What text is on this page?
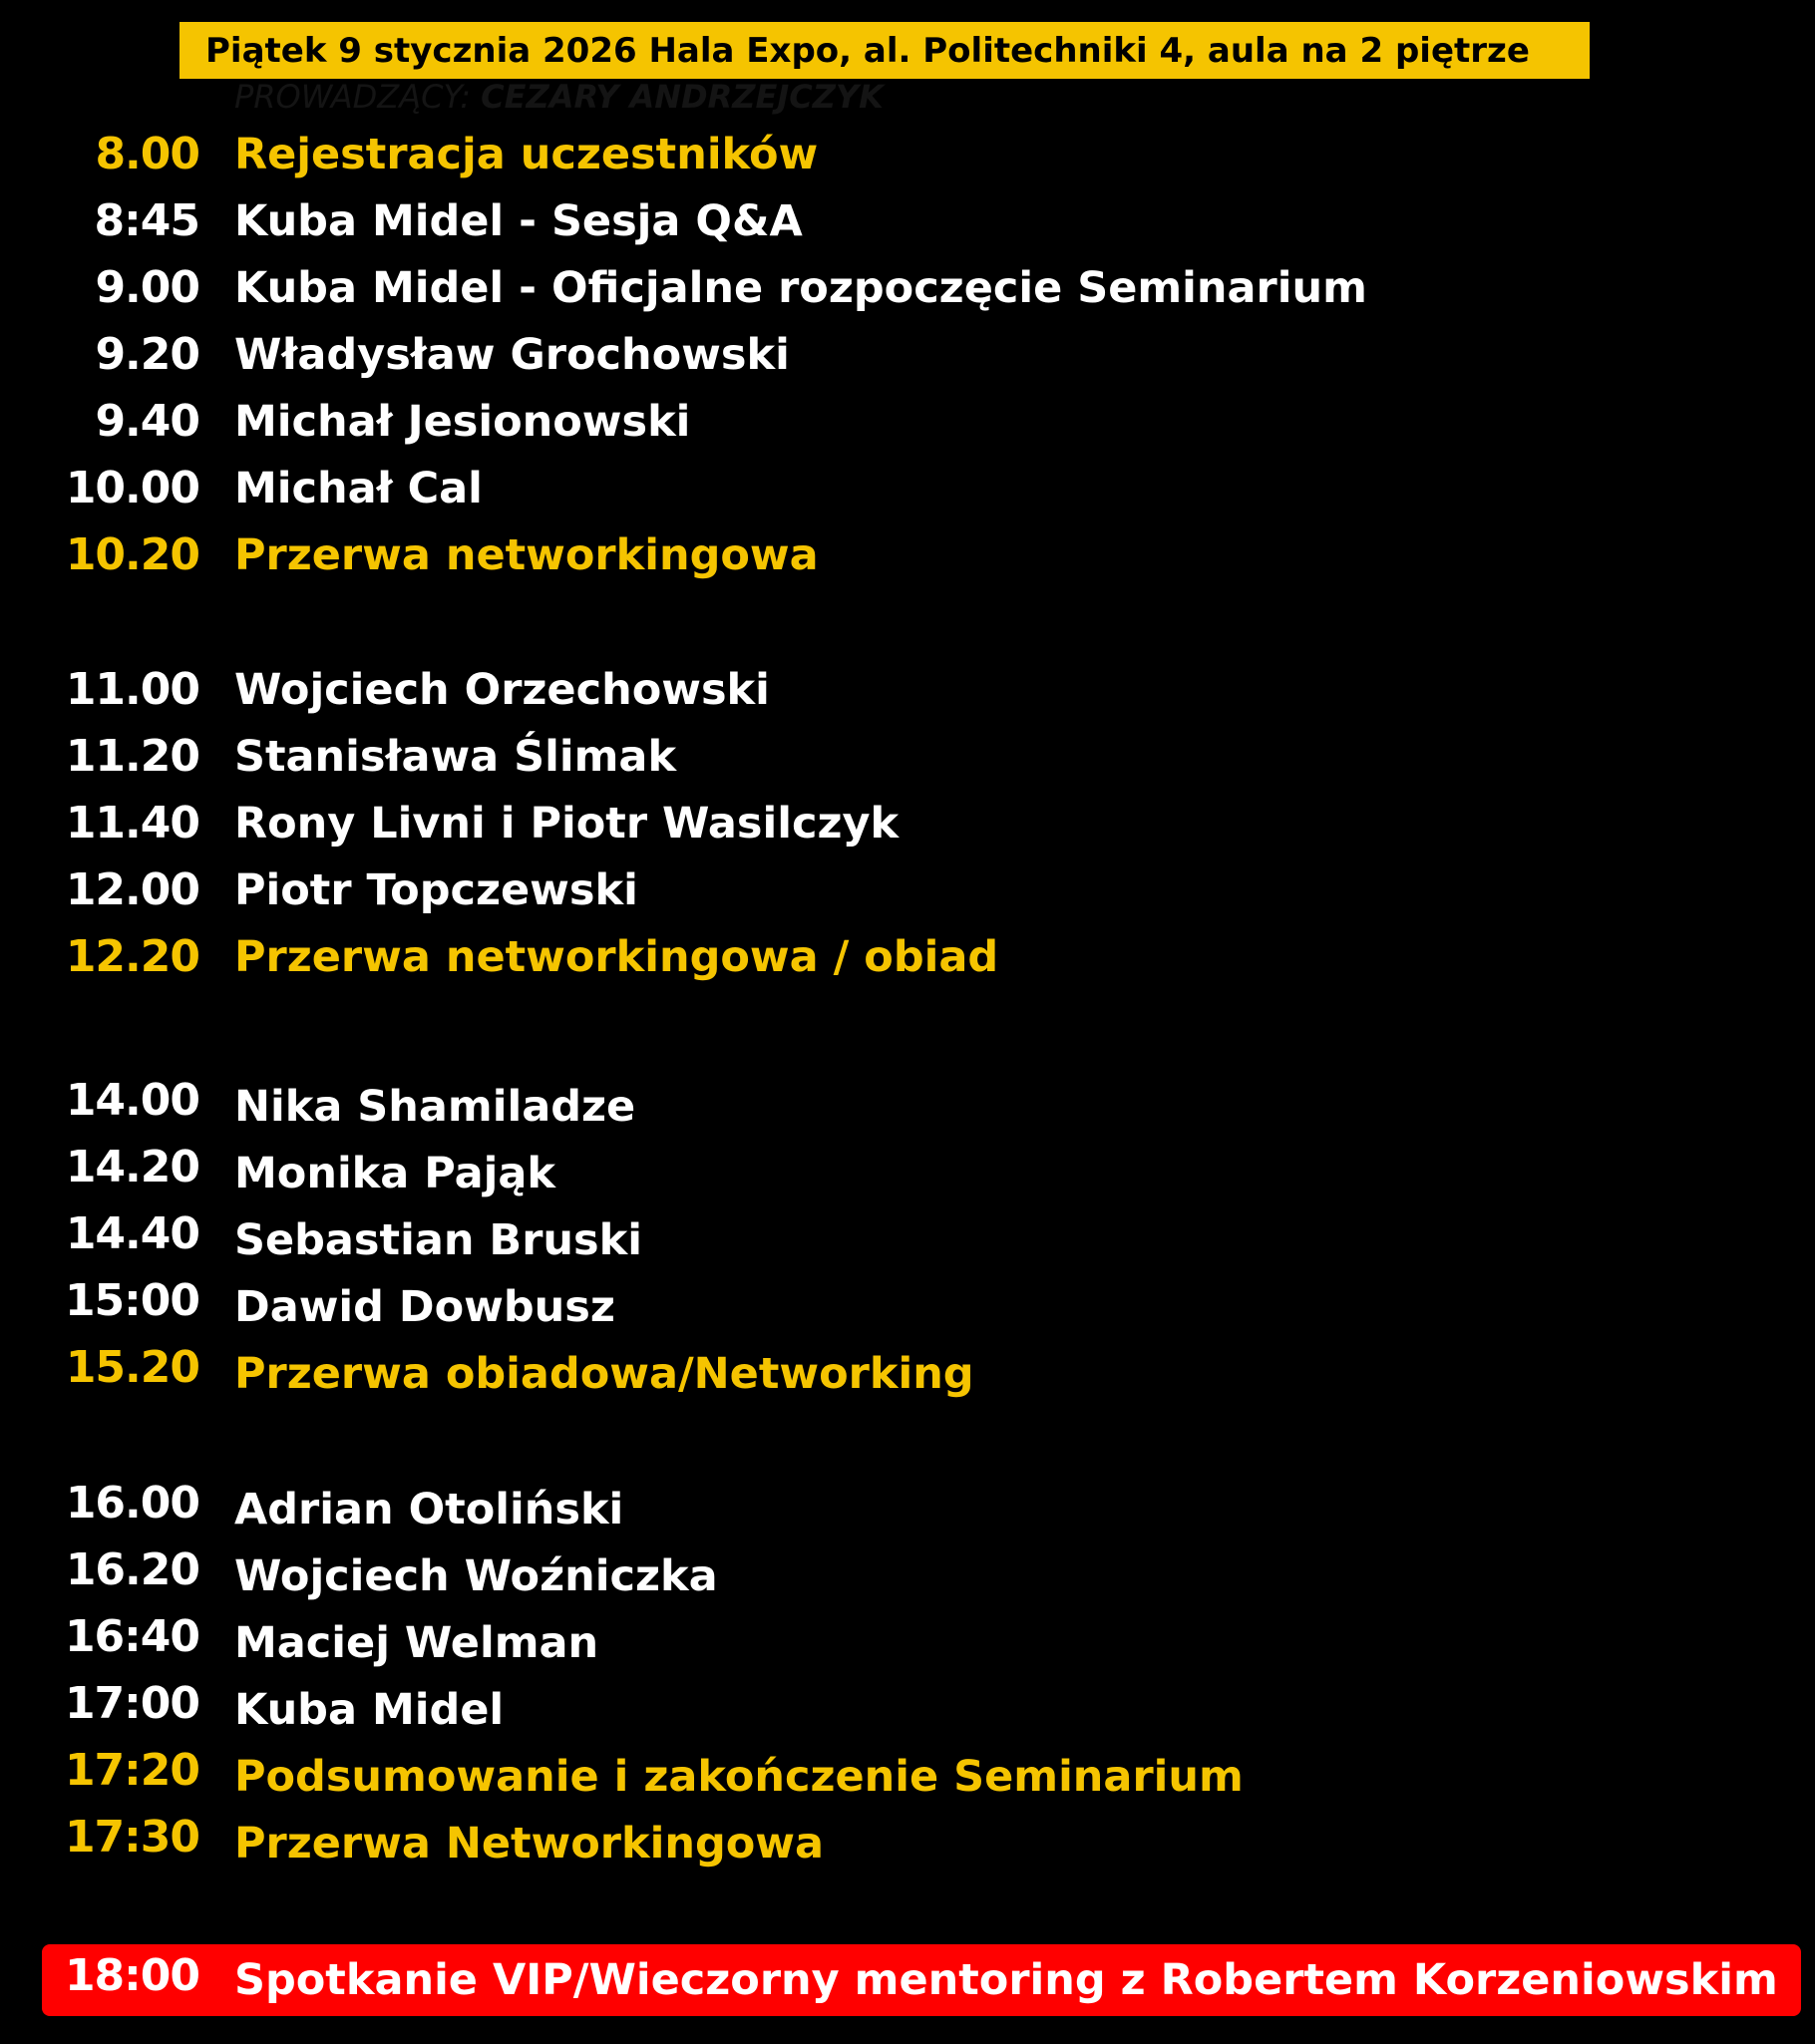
Piątek 9 stycznia 2026 Hala Expo, al. Politechniki 4, aula na 2 piętrze
PROWADZĄCY: CEZARY ANDRZEJCZYK
8.00 Rejestracja uczestników
8:45 Kuba Midel - Sesja Q&A
9.00 Kuba Midel - Oficjalne rozpoczęcie Seminarium
9.20 Władysław Grochowski
9.40 Michał Jesionowski
10.00 Michał Cal
10.20 Przerwa networkingowa
11.00 Wojciech Orzechowski
11.20 Stanisława Ślimak
11.40 Rony Livni i Piotr Wasilczyk
12.00 Piotr Topczewski
12.20 Przerwa networkingowa / obiad
14.00 Nika Shamiladze
14.20 Monika Pająk
14.40 Sebastian Bruski
15:00 Dawid Dowbusz
15.20 Przerwa obiadowa/Networking
16.00 Adrian Otoliński
16.20 Wojciech Woźniczka
16:40 Maciej Welman
17:00 Kuba Midel
17:20 Podsumowanie i zakończenie Seminarium
17:30 Przerwa Networkingowa
18:00 Spotkanie VIP/Wieczorny mentoring z Robertem Korzeniowskim
